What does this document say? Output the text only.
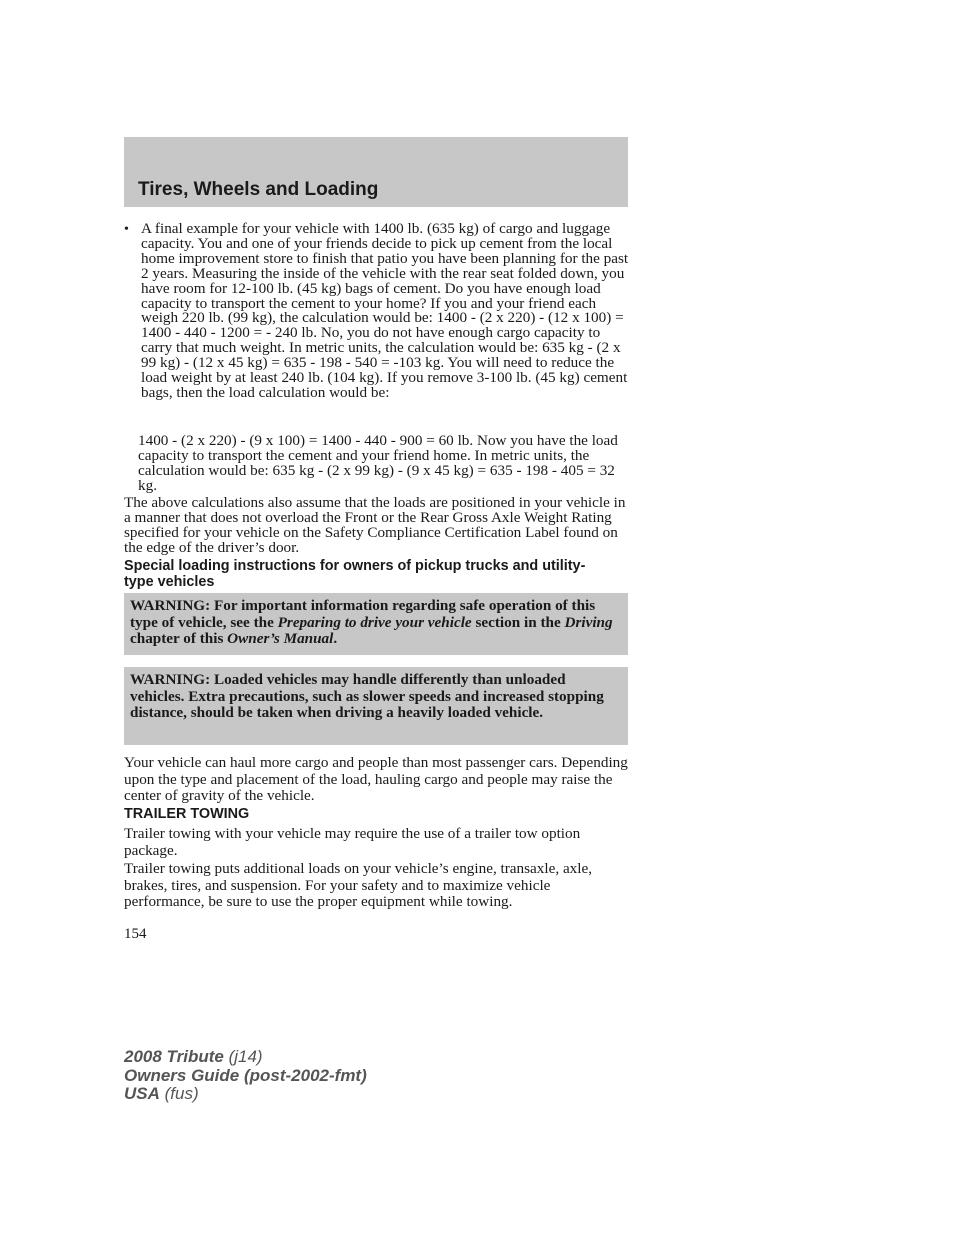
Tires, Wheels and Loading
• A final example for your vehicle with 1400 lb. (635 kg) of cargo and luggage capacity. You and one of your friends decide to pick up cement from the local home improvement store to finish that patio you have been planning for the past 2 years. Measuring the inside of the vehicle with the rear seat folded down, you have room for 12-100 lb. (45 kg) bags of cement. Do you have enough load capacity to transport the cement to your home? If you and your friend each weigh 220 lb. (99 kg), the calculation would be: 1400 - (2 x 220) - (12 x 100) = 1400 - 440 - 1200 = - 240 lb. No, you do not have enough cargo capacity to carry that much weight. In metric units, the calculation would be: 635 kg - (2 x 99 kg) - (12 x 45 kg) = 635 - 198 - 540 = -103 kg. You will need to reduce the load weight by at least 240 lb. (104 kg). If you remove 3-100 lb. (45 kg) cement bags, then the load calculation would be:

1400 - (2 x 220) - (9 x 100) = 1400 - 440 - 900 = 60 lb. Now you have the load capacity to transport the cement and your friend home. In metric units, the calculation would be: 635 kg - (2 x 99 kg) - (9 x 45 kg) = 635 - 198 - 405 = 32 kg.

The above calculations also assume that the loads are positioned in your vehicle in a manner that does not overload the Front or the Rear Gross Axle Weight Rating specified for your vehicle on the Safety Compliance Certification Label found on the edge of the driver’s door.

Special loading instructions for owners of pickup trucks and utility-type vehicles

WARNING: For important information regarding safe operation of this type of vehicle, see the Preparing to drive your vehicle section in the Driving chapter of this Owner’s Manual.

WARNING: Loaded vehicles may handle differently than unloaded vehicles. Extra precautions, such as slower speeds and increased stopping distance, should be taken when driving a heavily loaded vehicle.

Your vehicle can haul more cargo and people than most passenger cars. Depending upon the type and placement of the load, hauling cargo and people may raise the center of gravity of the vehicle.

TRAILER TOWING

Trailer towing with your vehicle may require the use of a trailer tow option package.

Trailer towing puts additional loads on your vehicle’s engine, transaxle, axle, brakes, tires, and suspension. For your safety and to maximize vehicle performance, be sure to use the proper equipment while towing.

154

2008 Tribute (j14)
Owners Guide (post-2002-fmt)
USA (fus)
